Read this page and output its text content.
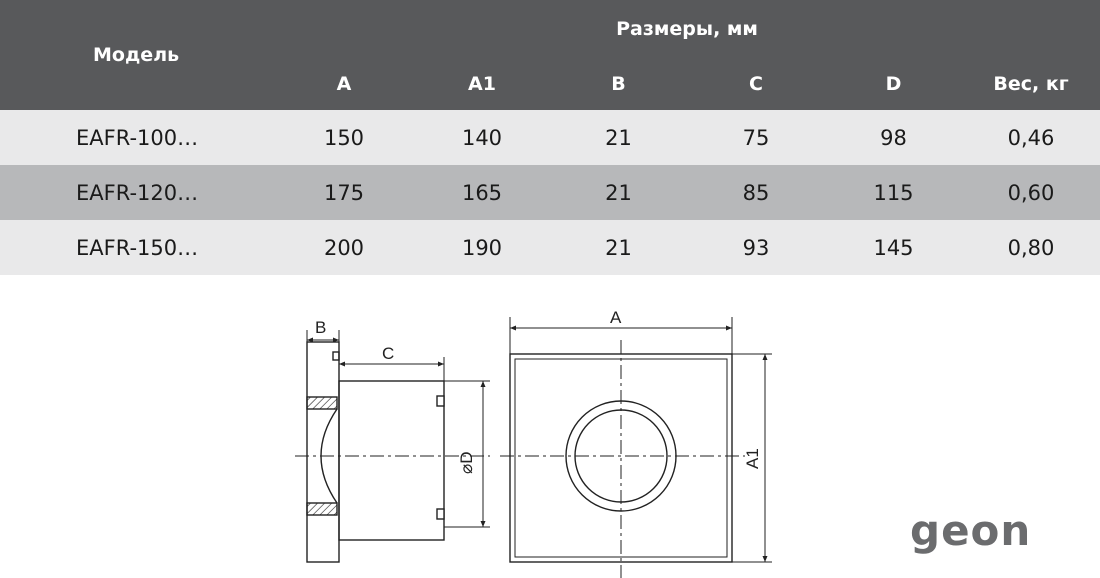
Модель	Размеры, мм					
	A	A1	B	C	D	Вес, кг
EAFR-100…	150	140	21	75	98	0,46
EAFR-120…	175	165	21	85	115	0,60
EAFR-150…	200	190	21	93	145	0,80
B
C
⌀D
A
A1
geon
